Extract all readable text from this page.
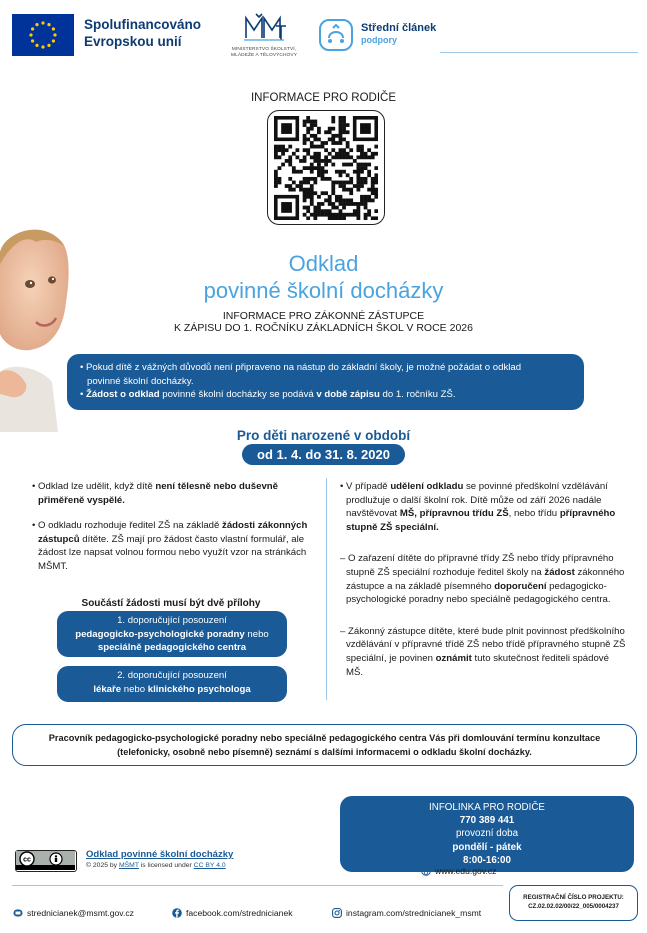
Spolufinancováno
Evropskou unií
MINISTERSTVO ŠKOLSTVÍ,
MLÁDEŽE A TĚLOVÝCHOVY
Střední článek
podpory
INFORMACE PRO RODIČE
Odklad
povinné školní docházky
INFORMACE PRO ZÁKONNÉ ZÁSTUPCE
K ZÁPISU DO 1. ROČNÍKU ZÁKLADNÍCH ŠKOL V ROCE 2026
• Pokud dítě z vážných důvodů není připraveno na nástup do základní školy, je možné požádat o odklad
povinné školní docházky.
• Žádost o odklad povinné školní docházky se podává v době zápisu do 1. ročníku ZŠ.
Pro děti narozené v období
od 1. 4. do 31. 8. 2020

• Odklad lze udělit, když dítě není tělesně nebo duševně přiměřeně vyspělé.

• O odkladu rozhoduje ředitel ZŠ na základě žádosti zákonných zástupců dítěte. ZŠ mají pro žádost často vlastní formulář, ale žádost lze napsat volnou formou nebo využít vzor na stránkách MŠMT.

Součástí žádosti musí být dvě přílohy
1. doporučující posouzení
pedagogicko-psychologické poradny nebo
speciálně pedagogického centra
2. doporučující posouzení
lékaře nebo klinického psychologa

• V případě udělení odkladu se povinné předškolní vzdělávání prodlužuje o další školní rok. Dítě může od září 2026 nadále navštěvovat MŠ, přípravnou třídu ZŠ, nebo třídu přípravného stupně ZŠ speciální.

– O zařazení dítěte do přípravné třídy ZŠ nebo třídy přípravného stupně ZŠ speciální rozhoduje ředitel školy na žádost zákonného zástupce a na základě písemného doporučení pedagogicko-psychologické poradny nebo speciálně pedagogického centra.

– Zákonný zástupce dítěte, které bude plnit povinnost předškolního vzdělávání v přípravné třídě ZŠ nebo třídě přípravného stupně ZŠ speciální, je povinen oznámit tuto skutečnost řediteli spádové MŠ.

Pracovník pedagogicko-psychologické poradny nebo speciálně pedagogického centra Vás při domlouvání termínu konzultace
(telefonicky, osobně nebo písemně) seznámí s dalšími informacemi o odkladu školní docházky.
INFOLINKA PRO RODIČE
770 389 441
provozní doba
pondělí - pátek
8:00-16:00
cc	Odklad povinné školní docházky
© 2025 by MŠMT is licensed under CC BY 4.0
www.edu.gov.cz
REGISTRAČNÍ ČÍSLO PROJEKTU:
CZ.02.02.02/00/22_005/0004237
strednicianek@msmt.gov.cz	facebook.com/strednicianek	instagram.com/strednicianek_msmt
